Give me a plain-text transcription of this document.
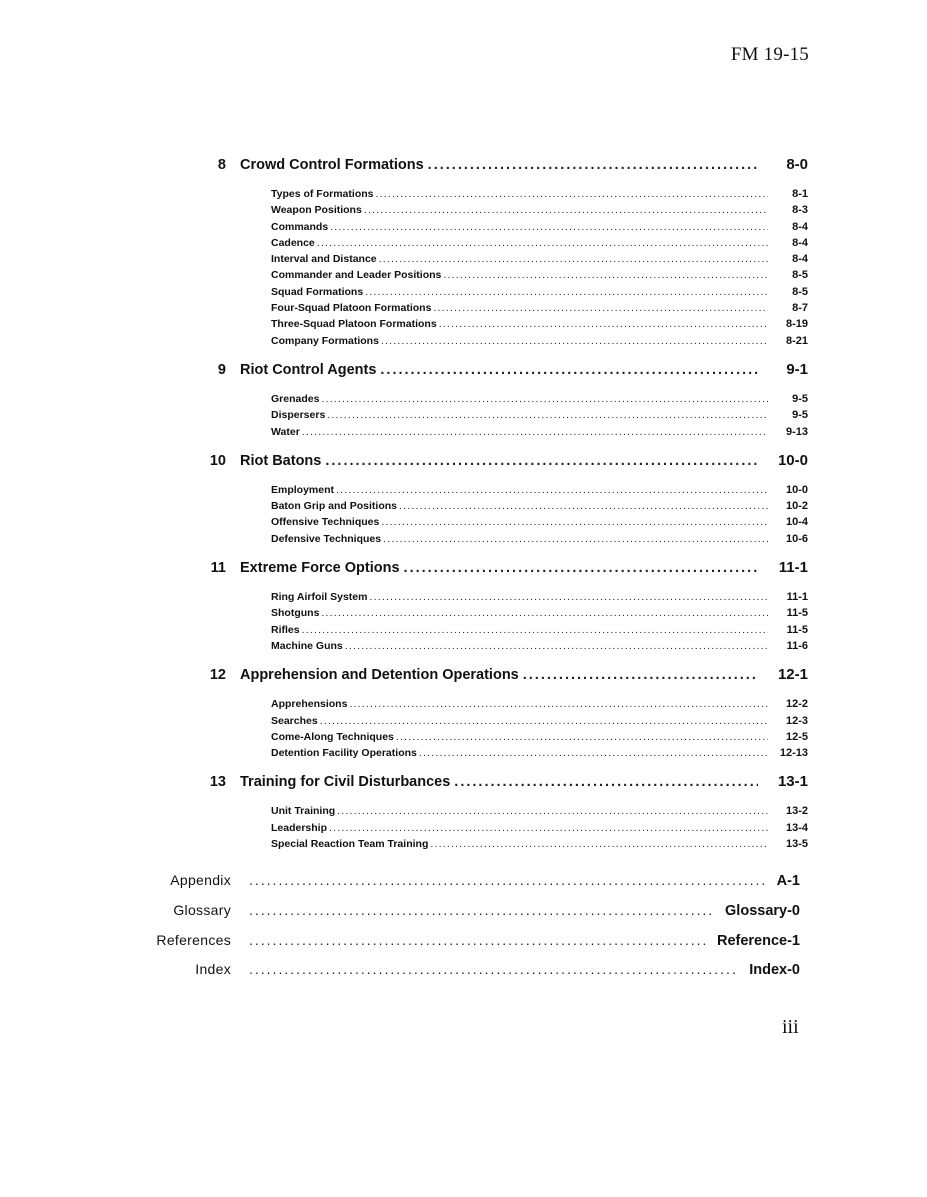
FM 19-15
8 Crowd Control Formations .....	8-0
Types of Formations .....	8-1
Weapon Positions .....	8-3
Commands .....	8-4
Cadence .....	8-4
Interval and Distance .....	8-4
Commander and Leader Positions .....	8-5
Squad Formations .....	8-5
Four-Squad Platoon Formations .....	8-7
Three-Squad Platoon Formations .....	8-19
Company Formations .....	8-21
9 Riot Control Agents .....	9-1
Grenades .....	9-5
Dispersers .....	9-5
Water .....	9-13
10 Riot Batons .....	10-0
Employment .....	10-0
Baton Grip and Positions .....	10-2
Offensive Techniques .....	10-4
Defensive Techniques .....	10-6
11 Extreme Force Options .....	11-1
Ring Airfoil System .....	11-1
Shotguns .....	11-5
Rifles .....	11-5
Machine Guns .....	11-6
12 Apprehension and Detention Operations .....	12-1
Apprehensions .....	12-2
Searches .....	12-3
Come-Along Techniques .....	12-5
Detention Facility Operations .....	12-13
13 Training for Civil Disturbances .....	13-1
Unit Training .....	13-2
Leadership .....	13-4
Special Reaction Team Training .....	13-5
Appendix .....	A-1
Glossary .....	Glossary-0
References .....	Reference-1
Index .....	Index-0
iii
